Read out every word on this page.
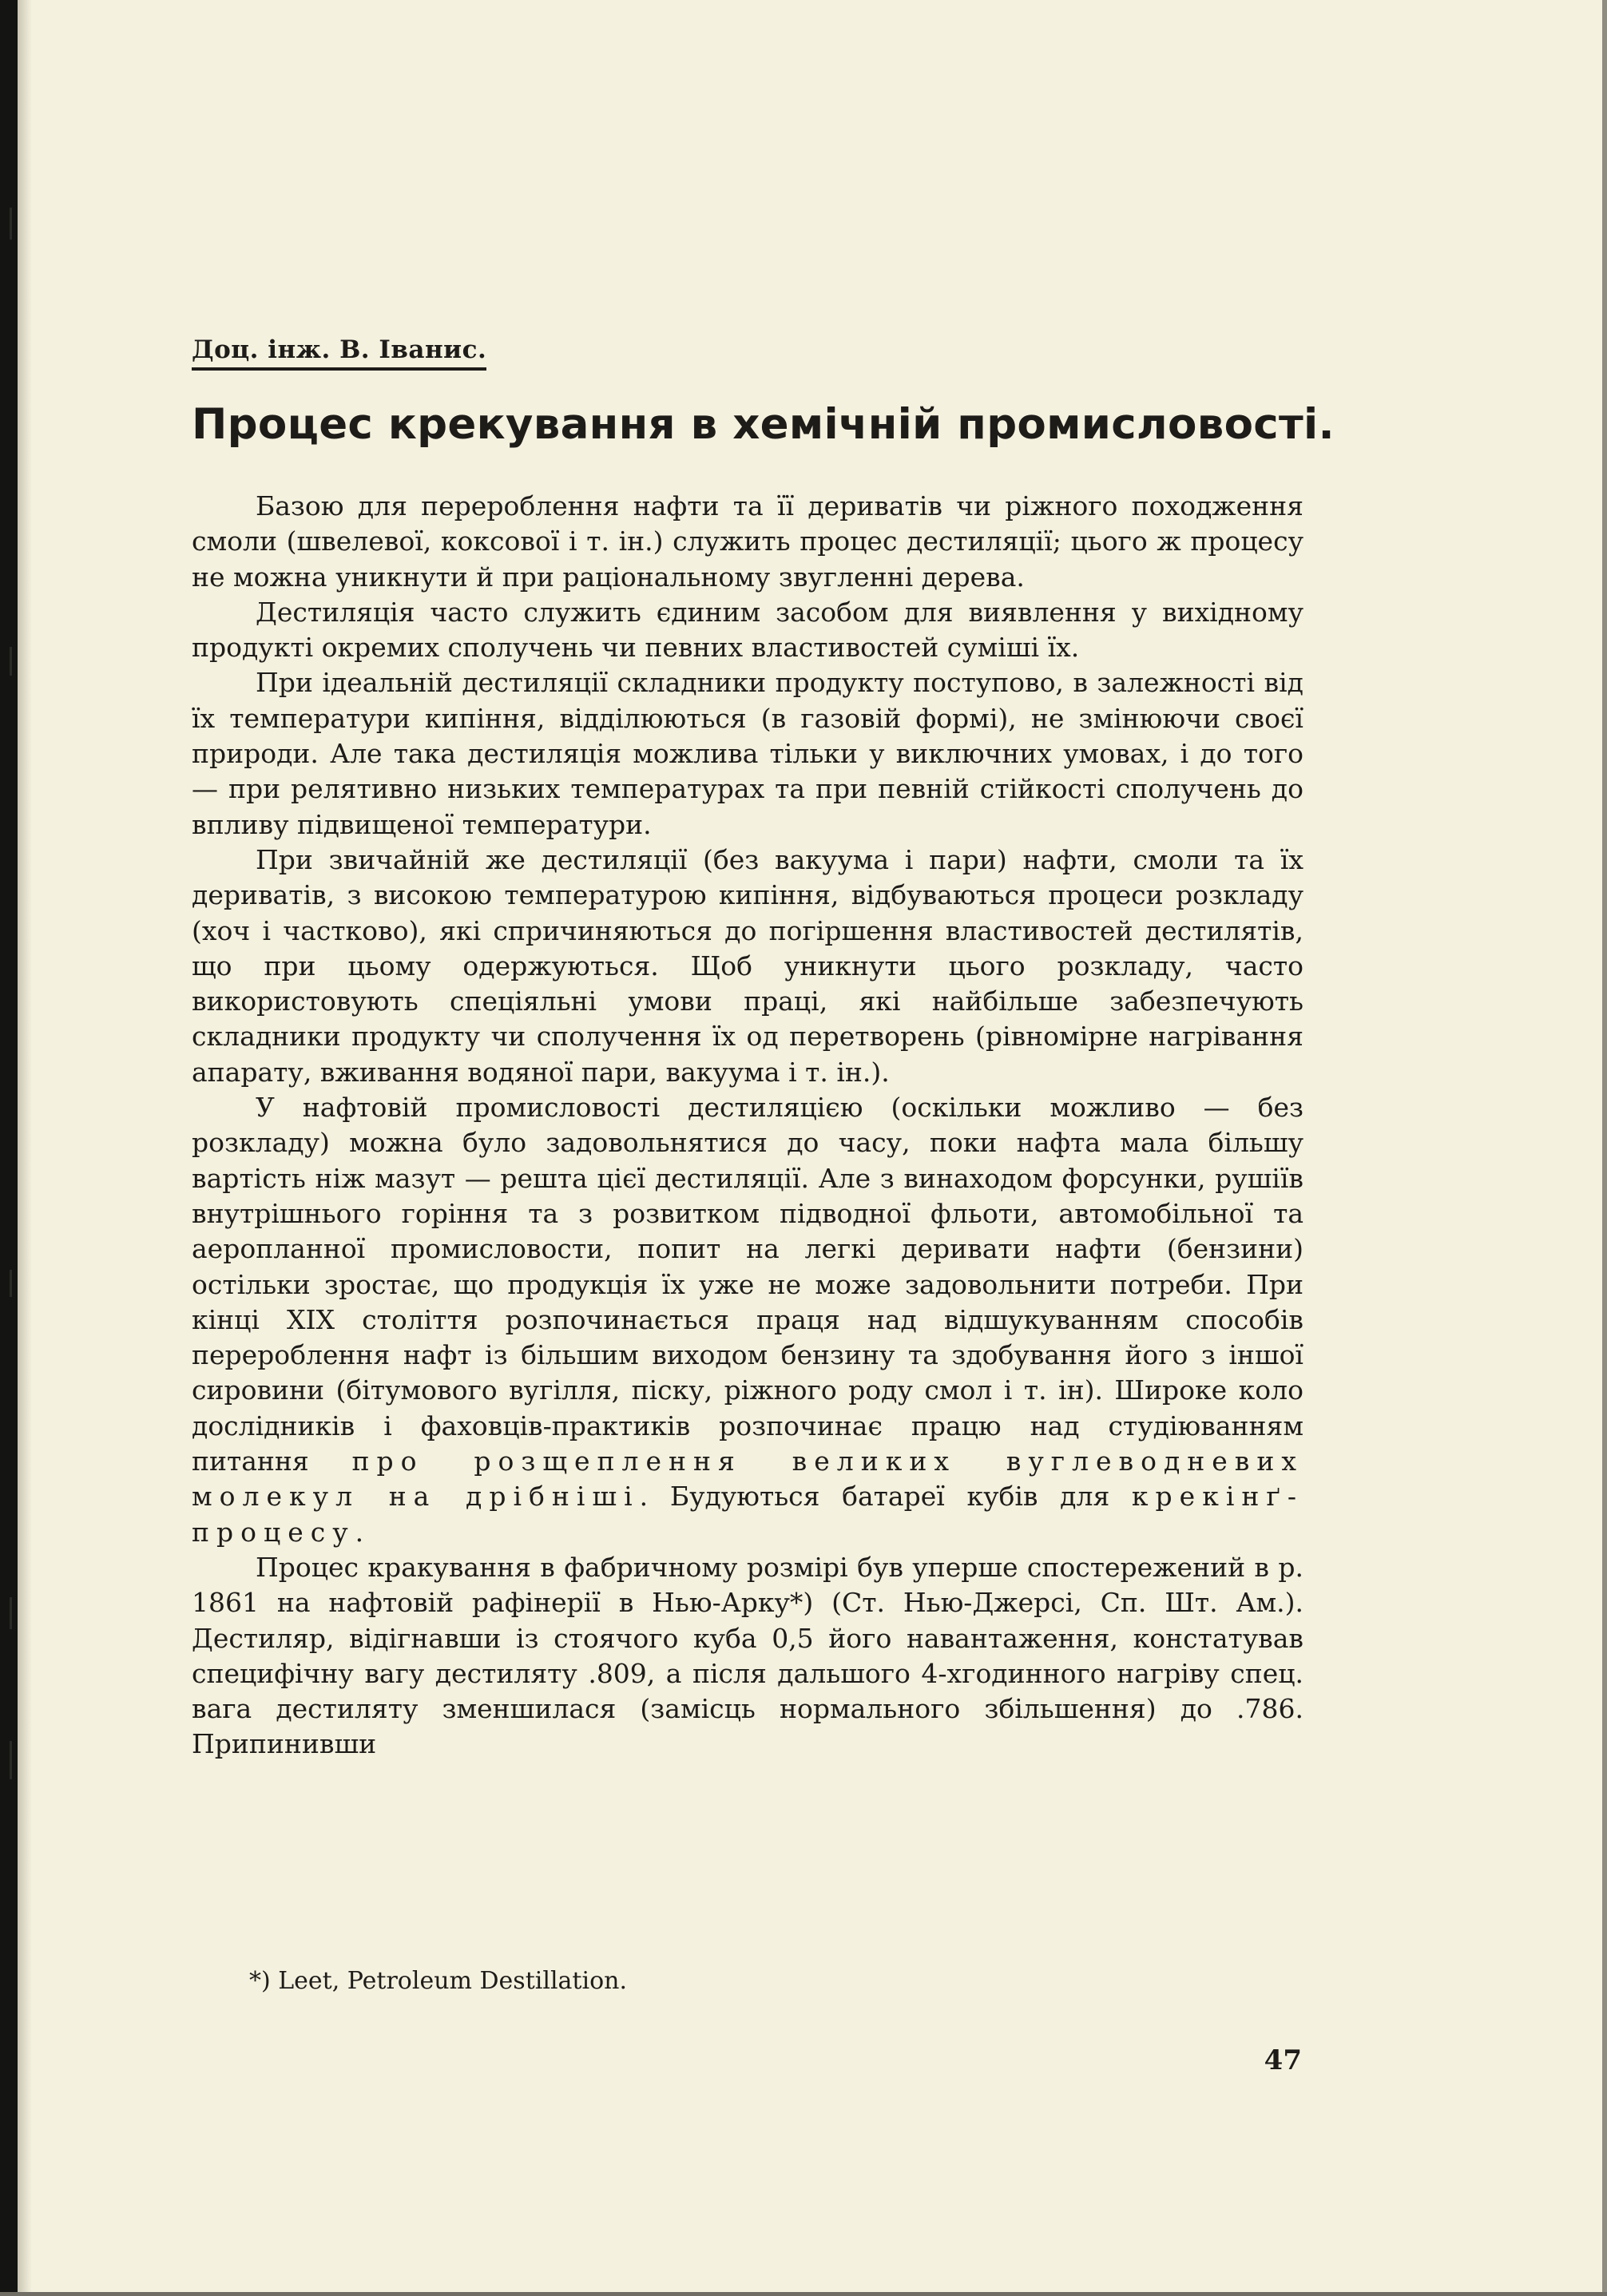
Доц. інж. В. Іванис.
Процес крекування в хемічній промисловості.

Базою для перероблення нафти та її дериватів чи ріжного походження смоли (швелевої, коксової і т. ін.) служить процес дестиляції; цього ж процесу не можна уникнути й при раціональному звугленні дерева.

Дестиляція часто служить єдиним засобом для виявлення у вихідному продукті окремих сполучень чи певних властивостей суміші їх.

При ідеальній дестиляції складники продукту поступово, в залежності від їх температури кипіння, відділюються (в газовій формі), не змінюючи своєї природи. Але така дестиляція можлива тільки у виключних умовах, і до того — при релятивно низьких температурах та при певній стійкості сполучень до впливу підвищеної температури.

При звичайній же дестиляції (без вакуума і пари) нафти, смоли та їх дериватів, з високою температурою кипіння, відбуваються процеси розкладу (хоч і частково), які спричиняються до погіршення властивостей дестилятів, що при цьому одержуються. Щоб уникнути цього розкладу, часто використовують спеціяльні умови праці, які найбільше забезпечують складники продукту чи сполучення їх од перетворень (рівномірне нагрівання апарату, вживання водяної пари, вакуума і т. ін.).

У нафтовій промисловості дестиляцією (оскільки можливо — без розкладу) можна було задовольнятися до часу, поки нафта мала більшу вартість ніж мазут — решта цієї дестиляції. Але з винаходом форсунки, рушіїв внутрішнього горіння та з розвитком підводної фльоти, автомобільної та аеропланної промисловости, попит на легкі деривати нафти (бензини) остільки зростає, що продукція їх уже не може задовольнити потреби. При кінці XIX століття розпочинається праця над відшукуванням способів перероблення нафт із більшим виходом бензину та здобування його з іншої сировини (бітумового вугілля, піску, ріжного роду смол і т. ін). Широке коло дослідників і фаховців-практиків розпочинає працю над студіюванням питання про розщеплення великих вуглеводневих молекул на дрібніші. Будуються батареї кубів для крекінґ-процесу.

Процес кракування в фабричному розмірі був уперше спостережений в р. 1861 на нафтовій рафінерії в Нью-Арку*) (Ст. Нью-Джерсі, Сп. Шт. Ам.). Дестиляр, відігнавши із стоячого куба 0,5 його навантаження, констатував специфічну вагу дестиляту .809, а після дальшого 4-хгодинного нагріву спец. вага дестиляту зменшилася (замісць нормального збільшення) до .786. Припинивши

*) Leet, Petroleum Destillation.
47
